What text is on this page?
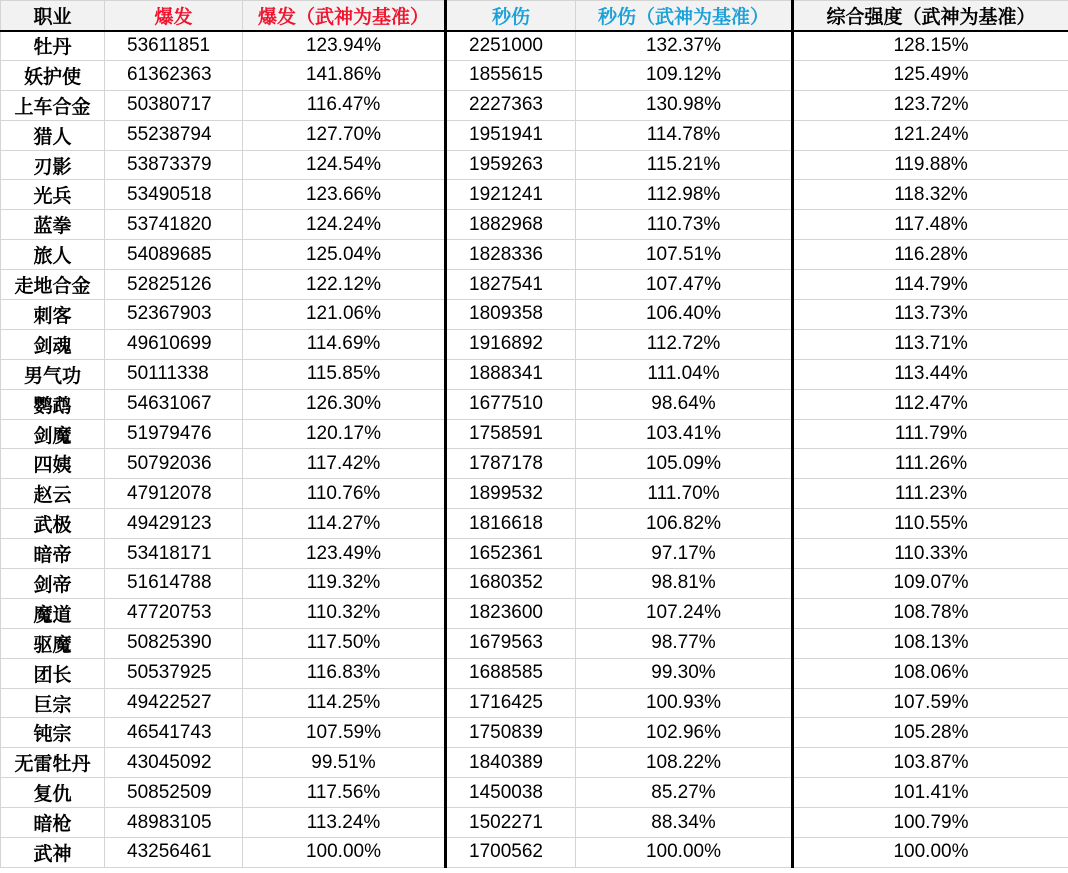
职业	爆发	爆发（武神为基准）	秒伤	秒伤（武神为基准）	综合强度（武神为基准）
牡丹	53611851	123.94%	2251000	132.37%	128.15%
妖护使	61362363	141.86%	1855615	109.12%	125.49%
上车合金	50380717	116.47%	2227363	130.98%	123.72%
猎人	55238794	127.70%	1951941	114.78%	121.24%
刃影	53873379	124.54%	1959263	115.21%	119.88%
光兵	53490518	123.66%	1921241	112.98%	118.32%
蓝拳	53741820	124.24%	1882968	110.73%	117.48%
旅人	54089685	125.04%	1828336	107.51%	116.28%
走地合金	52825126	122.12%	1827541	107.47%	114.79%
刺客	52367903	121.06%	1809358	106.40%	113.73%
剑魂	49610699	114.69%	1916892	112.72%	113.71%
男气功	50111338	115.85%	1888341	111.04%	113.44%
鹦鹉	54631067	126.30%	1677510	98.64%	112.47%
剑魔	51979476	120.17%	1758591	103.41%	111.79%
四姨	50792036	117.42%	1787178	105.09%	111.26%
赵云	47912078	110.76%	1899532	111.70%	111.23%
武极	49429123	114.27%	1816618	106.82%	110.55%
暗帝	53418171	123.49%	1652361	97.17%	110.33%
剑帝	51614788	119.32%	1680352	98.81%	109.07%
魔道	47720753	110.32%	1823600	107.24%	108.78%
驱魔	50825390	117.50%	1679563	98.77%	108.13%
团长	50537925	116.83%	1688585	99.30%	108.06%
巨宗	49422527	114.25%	1716425	100.93%	107.59%
钝宗	46541743	107.59%	1750839	102.96%	105.28%
无雷牡丹	43045092	99.51%	1840389	108.22%	103.87%
复仇	50852509	117.56%	1450038	85.27%	101.41%
暗枪	48983105	113.24%	1502271	88.34%	100.79%
武神	43256461	100.00%	1700562	100.00%	100.00%
